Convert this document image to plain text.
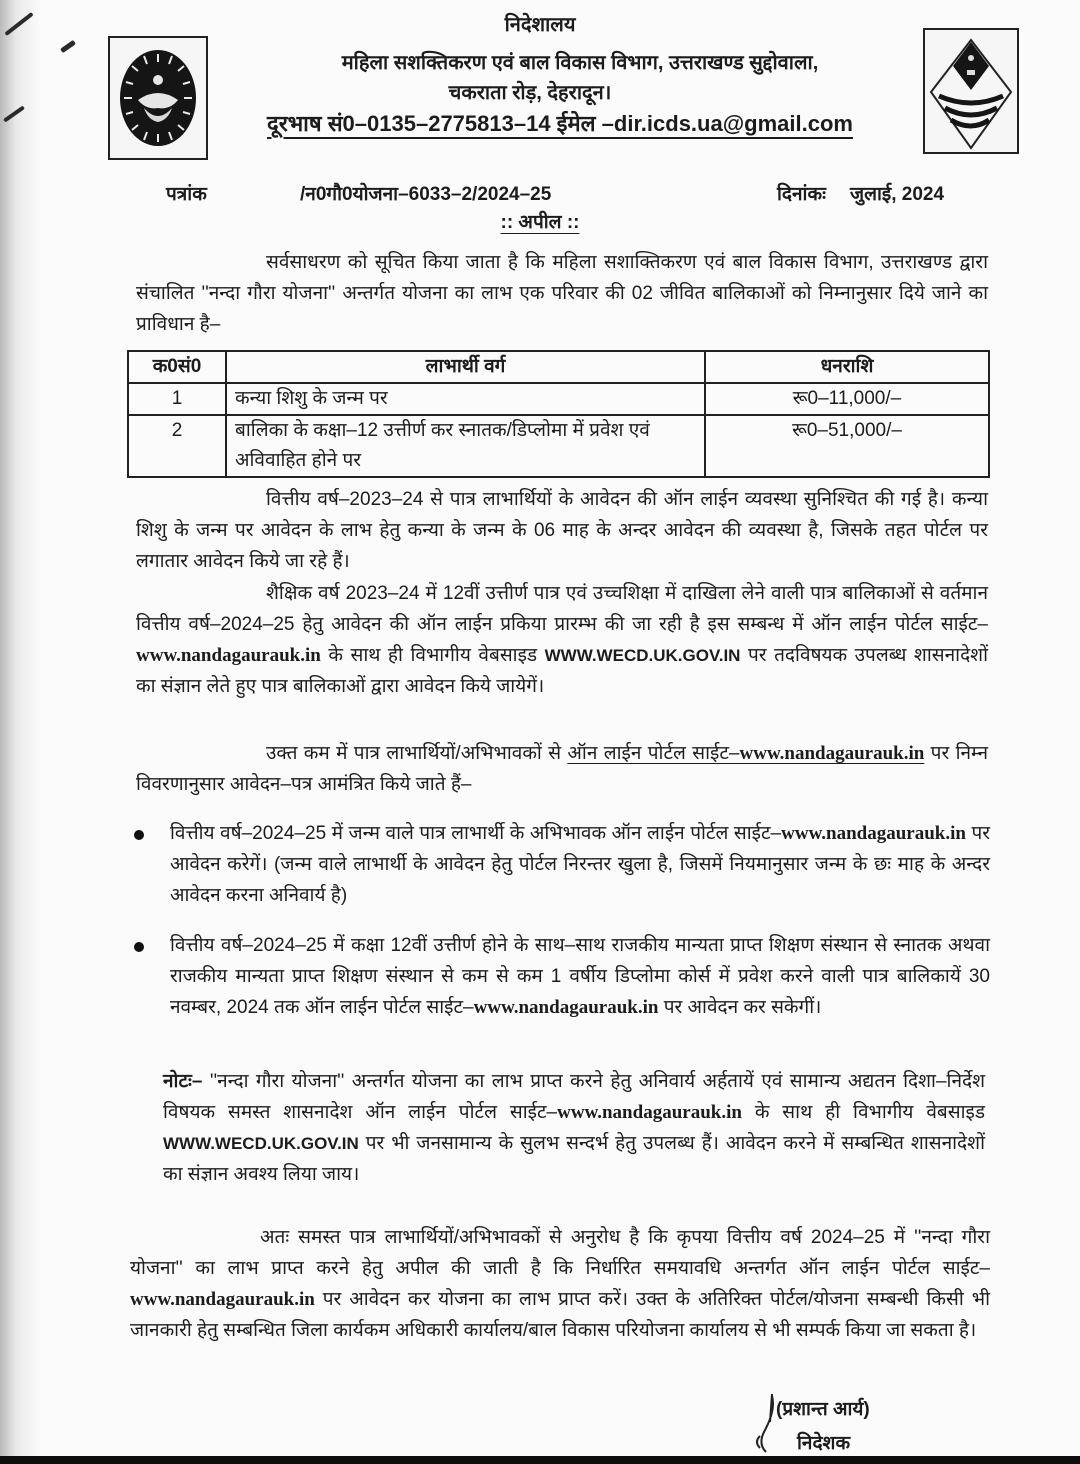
निदेशालय
महिला सशक्तिकरण एवं बाल विकास विभाग, उत्तराखण्ड सुद्दोवाला,
चकराता रोड़, देहरादून।
दूरभाष सं0–0135–2775813–14 ईमेल –dir.icds.ua@gmail.com
पत्रांक	/न0गौ0योजना–6033–2/2024–25	दिनांकः जुलाई, 2024
:: अपील ::
सर्वसाधरण को सूचित किया जाता है कि महिला सशाक्तिकरण एवं बाल विकास विभाग, उत्तराखण्ड द्वारा संचालित ''नन्दा गौरा योजना'' अन्तर्गत योजना का लाभ एक परिवार की 02 जीवित बालिकाओं को निम्नानुसार दिये जाने का प्राविधान है–
क0सं0	लाभार्थी वर्ग	धनराशि
1	कन्या शिशु के जन्म पर	रू0–11,000/–
2	बालिका के कक्षा–12 उत्तीर्ण कर स्नातक/डिप्लोमा में प्रवेश एवं अविवाहित होने पर	रू0–51,000/–
वित्तीय वर्ष–2023–24 से पात्र लाभार्थियों के आवेदन की ऑन लाईन व्यवस्था सुनिश्चित की गई है। कन्या शिशु के जन्म पर आवेदन के लाभ हेतु कन्या के जन्म के 06 माह के अन्दर आवेदन की व्यवस्था है, जिसके तहत पोर्टल पर लगातार आवेदन किये जा रहे हैं।
शैक्षिक वर्ष 2023–24 में 12वीं उत्तीर्ण पात्र एवं उच्चशिक्षा में दाखिला लेने वाली पात्र बालिकाओं से वर्तमान वित्तीय वर्ष–2024–25 हेतु आवेदन की ऑन लाईन प्रकिया प्रारम्भ की जा रही है इस सम्बन्ध में ऑन लाईन पोर्टल साईट–www.nandagaurauk.in के साथ ही विभागीय वेबसाइड WWW.WECD.UK.GOV.IN पर तदविषयक उपलब्ध शासनादेशों का संज्ञान लेते हुए पात्र बालिकाओं द्वारा आवेदन किये जायेगें।
उक्त कम में पात्र लाभार्थियों/अभिभावकों से ऑन लाईन पोर्टल साईट–www.nandagaurauk.in पर निम्न विवरणानुसार आवेदन–पत्र आमंत्रित किये जाते हैं–
वित्तीय वर्ष–2024–25 में जन्म वाले पात्र लाभार्थी के अभिभावक ऑन लाईन पोर्टल साईट–www.nandagaurauk.in पर आवेदन करेगें। (जन्म वाले लाभार्थी के आवेदन हेतु पोर्टल निरन्तर खुला है, जिसमें नियमानुसार जन्म के छः माह के अन्दर आवेदन करना अनिवार्य है)
वित्तीय वर्ष–2024–25 में कक्षा 12वीं उत्तीर्ण होने के साथ–साथ राजकीय मान्यता प्राप्त शिक्षण संस्थान से स्नातक अथवा राजकीय मान्यता प्राप्त शिक्षण संस्थान से कम से कम 1 वर्षीय डिप्लोमा कोर्स में प्रवेश करने वाली पात्र बालिकायें 30 नवम्बर, 2024 तक ऑन लाईन पोर्टल साईट–www.nandagaurauk.in पर आवेदन कर सकेगीं।
नोटः– ''नन्दा गौरा योजना'' अन्तर्गत योजना का लाभ प्राप्त करने हेतु अनिवार्य अर्हतायें एवं सामान्य अद्यतन दिशा–निर्देश विषयक समस्त शासनादेश ऑन लाईन पोर्टल साईट–www.nandagaurauk.in के साथ ही विभागीय वेबसाइड WWW.WECD.UK.GOV.IN पर भी जनसामान्य के सुलभ सन्दर्भ हेतु उपलब्ध हैं। आवेदन करने में सम्बन्धित शासनादेशों का संज्ञान अवश्य लिया जाय।
अतः समस्त पात्र लाभार्थियों/अभिभावकों से अनुरोध है कि कृपया वित्तीय वर्ष 2024–25 में ''नन्दा गौरा योजना'' का लाभ प्राप्त करने हेतु अपील की जाती है कि निर्धारित समयावधि अन्तर्गत ऑन लाईन पोर्टल साईट–www.nandagaurauk.in पर आवेदन कर योजना का लाभ प्राप्त करें। उक्त के अतिरिक्त पोर्टल/योजना सम्बन्धी किसी भी जानकारी हेतु सम्बन्धित जिला कार्यकम अधिकारी कार्यालय/बाल विकास परियोजना कार्यालय से भी सम्पर्क किया जा सकता है।
(प्रशान्त आर्य)
निदेशक
